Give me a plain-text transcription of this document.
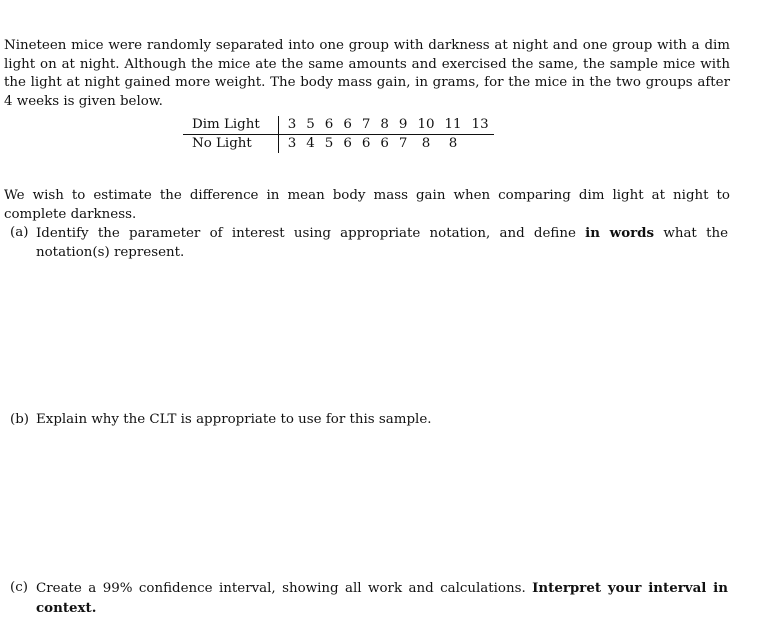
Nineteen mice were randomly separated into one group with darkness at night and one group with a dim light on at night. Although the mice ate the same amounts and exercised the same, the sample mice with the light at night gained more weight. The body mass gain, in grams, for the mice in the two groups after 4 weeks is given below.

Dim Light	3	5	6	6	7	8	9	10	11	13
No Light	3	4	5	6	6	6	7	8	8	

We wish to estimate the difference in mean body mass gain when comparing dim light at night to complete darkness.

(a) Identify the parameter of interest using appropriate notation, and define in words what the notation(s) represent.
(b) Explain why the CLT is appropriate to use for this sample.
(c) Create a 99% confidence interval, showing all work and calculations. Interpret your interval in context.
